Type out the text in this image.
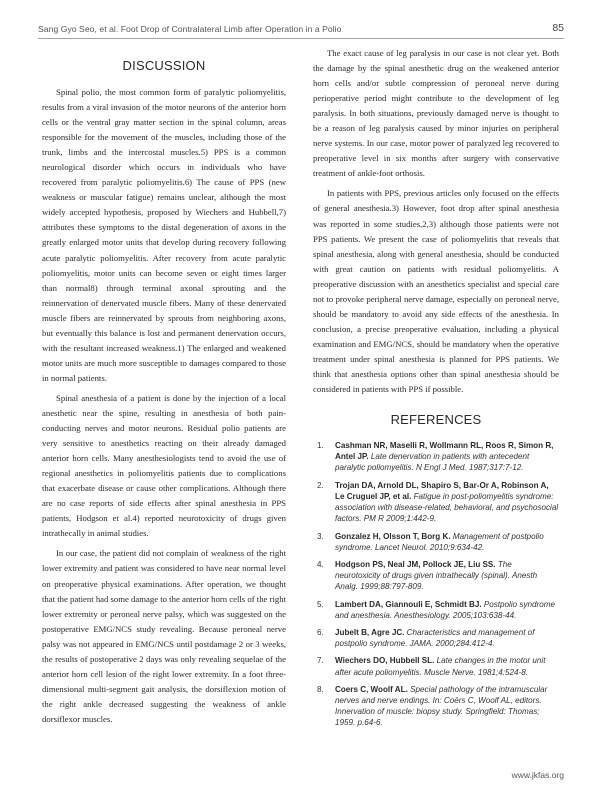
Sang Gyo Seo, et al. Foot Drop of Contralateral Limb after Operation in a Polio	85
DISCUSSION

Spinal polio, the most common form of paralytic poliomyelitis, results from a viral invasion of the motor neurons of the anterior horn cells or the ventral gray matter section in the spinal column, areas responsible for the movement of the muscles, including those of the trunk, limbs and the intercostal muscles.5) PPS is a common neurological disorder which occurs in individuals who have recovered from paralytic poliomyelitis.6) The cause of PPS (new weakness or muscular fatigue) remains unclear, although the most widely accepted hypothesis, proposed by Wiechers and Hubbell,7) attributes these symptoms to the distal degeneration of axons in the greatly enlarged motor units that develop during recovery following acute paralytic poliomyelitis. After recovery from acute paralytic poliomyelitis, motor units can become seven or eight times larger than normal8) through terminal axonal sprouting and the reinnervation of denervated muscle fibers. Many of these denervated muscle fibers are reinnervated by sprouts from neighboring axons, but eventually this balance is lost and permanent denervation occurs, with the resultant increased weakness.1) The enlarged and weakened motor units are much more susceptible to damages compared to those in normal patients.

Spinal anesthesia of a patient is done by the injection of a local anesthetic near the spine, resulting in anesthesia of both pain-conducting nerves and motor neurons. Residual polio patients are very sensitive to anesthetics reacting on their already damaged anterior horn cells. Many anesthesiologists tend to avoid the use of regional anesthetics in poliomyelitis patients due to complications that exacerbate disease or cause other complications. Although there are no case reports of side effects after spinal anesthesia in PPS patients, Hodgson et al.4) reported neurotoxicity of drugs given intrathecally in animal studies.

In our case, the patient did not complain of weakness of the right lower extremity and patient was considered to have near normal level on preoperative physical examinations. After operation, we thought that the patient had some damage to the anterior horn cells of the right lower extremity or peroneal nerve palsy, which was suggested on the postoperative EMG/NCS study revealing. Because peroneal nerve palsy was not appeared in EMG/NCS until postdamage 2 or 3 weeks, the results of postoperative 2 days was only revealing sequelae of the anterior horn cell lesion of the right lower extremity. In a foot three-dimensional multi-segment gait analysis, the dorsiflexion motion of the right ankle decreased suggesting the weakness of ankle dorsiflexor muscles.

The exact cause of leg paralysis in our case is not clear yet. Both the damage by the spinal anesthetic drug on the weakened anterior horn cells and/or subtle compression of peroneal nerve during perioperative period might contribute to the development of leg paralysis. In both situations, previously damaged nerve is thought to be a reason of leg paralysis caused by minor injuries on peripheral nerve systems. In our case, motor power of paralyzed leg recovered to preoperative level in six months after surgery with conservative treatment of ankle-foot orthosis.

In patients with PPS, previous articles only focused on the effects of general anesthesia.3) However, foot drop after spinal anesthesia was reported in some studies,2,3) although those patients were not PPS patients. We present the case of poliomyelitis that reveals that spinal anesthesia, along with general anesthesia, should be conducted with great caution on patients with residual poliomyelitis. A preoperative discussion with an anesthetics specialist and special care not to provoke peripheral nerve damage, especially on peroneal nerve, should be mandatory to avoid any side effects of the anesthesia. In conclusion, a precise preoperative evaluation, including a physical examination and EMG/NCS, should be mandatory when the operative treatment under spinal anesthesia is planned for PPS patients. We think that anesthesia options other than spinal anesthesia should be considered in patients with PPS if possible.

REFERENCES
1. Cashman NR, Maselli R, Wollmann RL, Roos R, Simon R, Antel JP. Late denervation in patients with antecedent paralytic poliomyelitis. N Engl J Med. 1987;317:7-12.
2. Trojan DA, Arnold DL, Shapiro S, Bar-Or A, Robinson A, Le Cruguel JP, et al. Fatigue in post-poliomyelitis syndrome: association with disease-related, behavioral, and psychosocial factors. PM R 2009;1:442-9.
3. Gonzalez H, Olsson T, Borg K. Management of postpolio syndrome. Lancet Neurol. 2010;9:634-42.
4. Hodgson PS, Neal JM, Pollock JE, Liu SS. The neurotoxicity of drugs given intrathecally (spinal). Anesth Analg. 1999;88:797-809.
5. Lambert DA, Giannouli E, Schmidt BJ. Postpolio syndrome and anesthesia. Anesthesiology. 2005;103:638-44.
6. Jubelt B, Agre JC. Characteristics and management of postpolio syndrome. JAMA. 2000;284:412-4.
7. Wiechers DO, Hubbell SL. Late changes in the motor unit after acute poliomyelitis. Muscle Nerve. 1981;4:524-8.
8. Coers C, Woolf AL. Special pathology of the intramuscular nerves and nerve endings. In: Coërs C, Woolf AL, editors. Innervation of muscle: biopsy study. Springfield: Thomas; 1959. p.64-6.
www.jkfas.org
